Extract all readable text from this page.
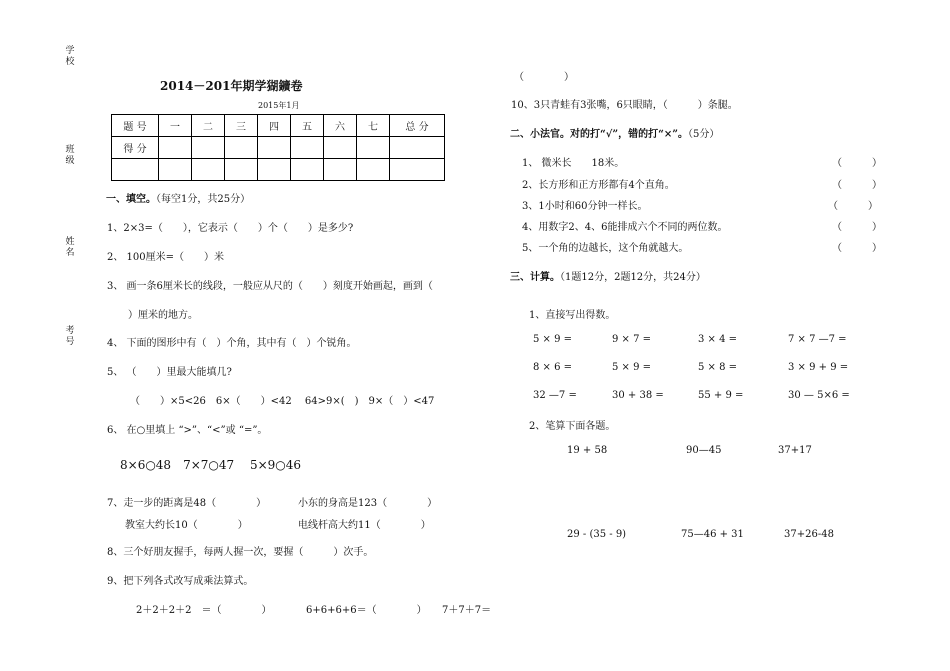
学校
班级
姓名
考号
2014－201年期学猢鑛卷
2015年1月
题 号	一	二	三	四	五	六	七	总 分
得 分								

一、填空。（每空1分，共25分）
1、2×3=（　　），它表示（　　）个（　　）是多少?
2、 100厘米=（　　）米
3、 画一条6厘米长的线段，一般应从尺的（　　）刻度开始画起，画到（
）厘米的地方。
4、 下面的图形中有（　）个角，其中有（　）个锐角。
5、 （　　）里最大能填几?
（　　）×5<26　6×（　　）<42　 64>9×(　)　9×（　）<47
6、 在○里填上 “>”、“<”或 “=”。
8×6○48　7×7○47　 5×9○46
7、走一步的距离是48（　　　　）	小东的身高是123（　　　　）
教室大约长10（　　　　）	电线杆高大约11（　　　　）
8、三个好朋友握手，每两人握一次，要握（　　　）次手。
9、把下列各式改写成乘法算式。
2＋2＋2＋2　＝（　　　　）	6+6+6+6＝（　　　　） 7＋7＋7＝
（　　　　）
10、3只青蛙有3张嘴，6只眼睛，（　　　）条腿。
二、小法官。对的打“√”，错的打“×”。（5分）
1、 微米长　　18米。	（　　　）
2、长方形和正方形都有4个直角。	（　　　）
3、1小时和60分钟一样长。	（　　　）
4、用数字2、4、6能排成六个不同的两位数。	（　　　）
5、一个角的边越长，这个角就越大。	（　　　）
三、计算。（1题12分，2题12分，共24分）
1、直接写出得数。
5 × 9 =	9 × 7 =	3 × 4 =	7 × 7 —7 =
8 × 6 =	5 × 9 =	5 × 8 =	3 × 9 + 9 =
32 —7 =	30 + 38 =	55 + 9 =	30 — 5×6 =
2、笔算下面各题。
19 + 58	90—45	37+17
29 - (35 - 9)	75—46 + 31	37+26-48
